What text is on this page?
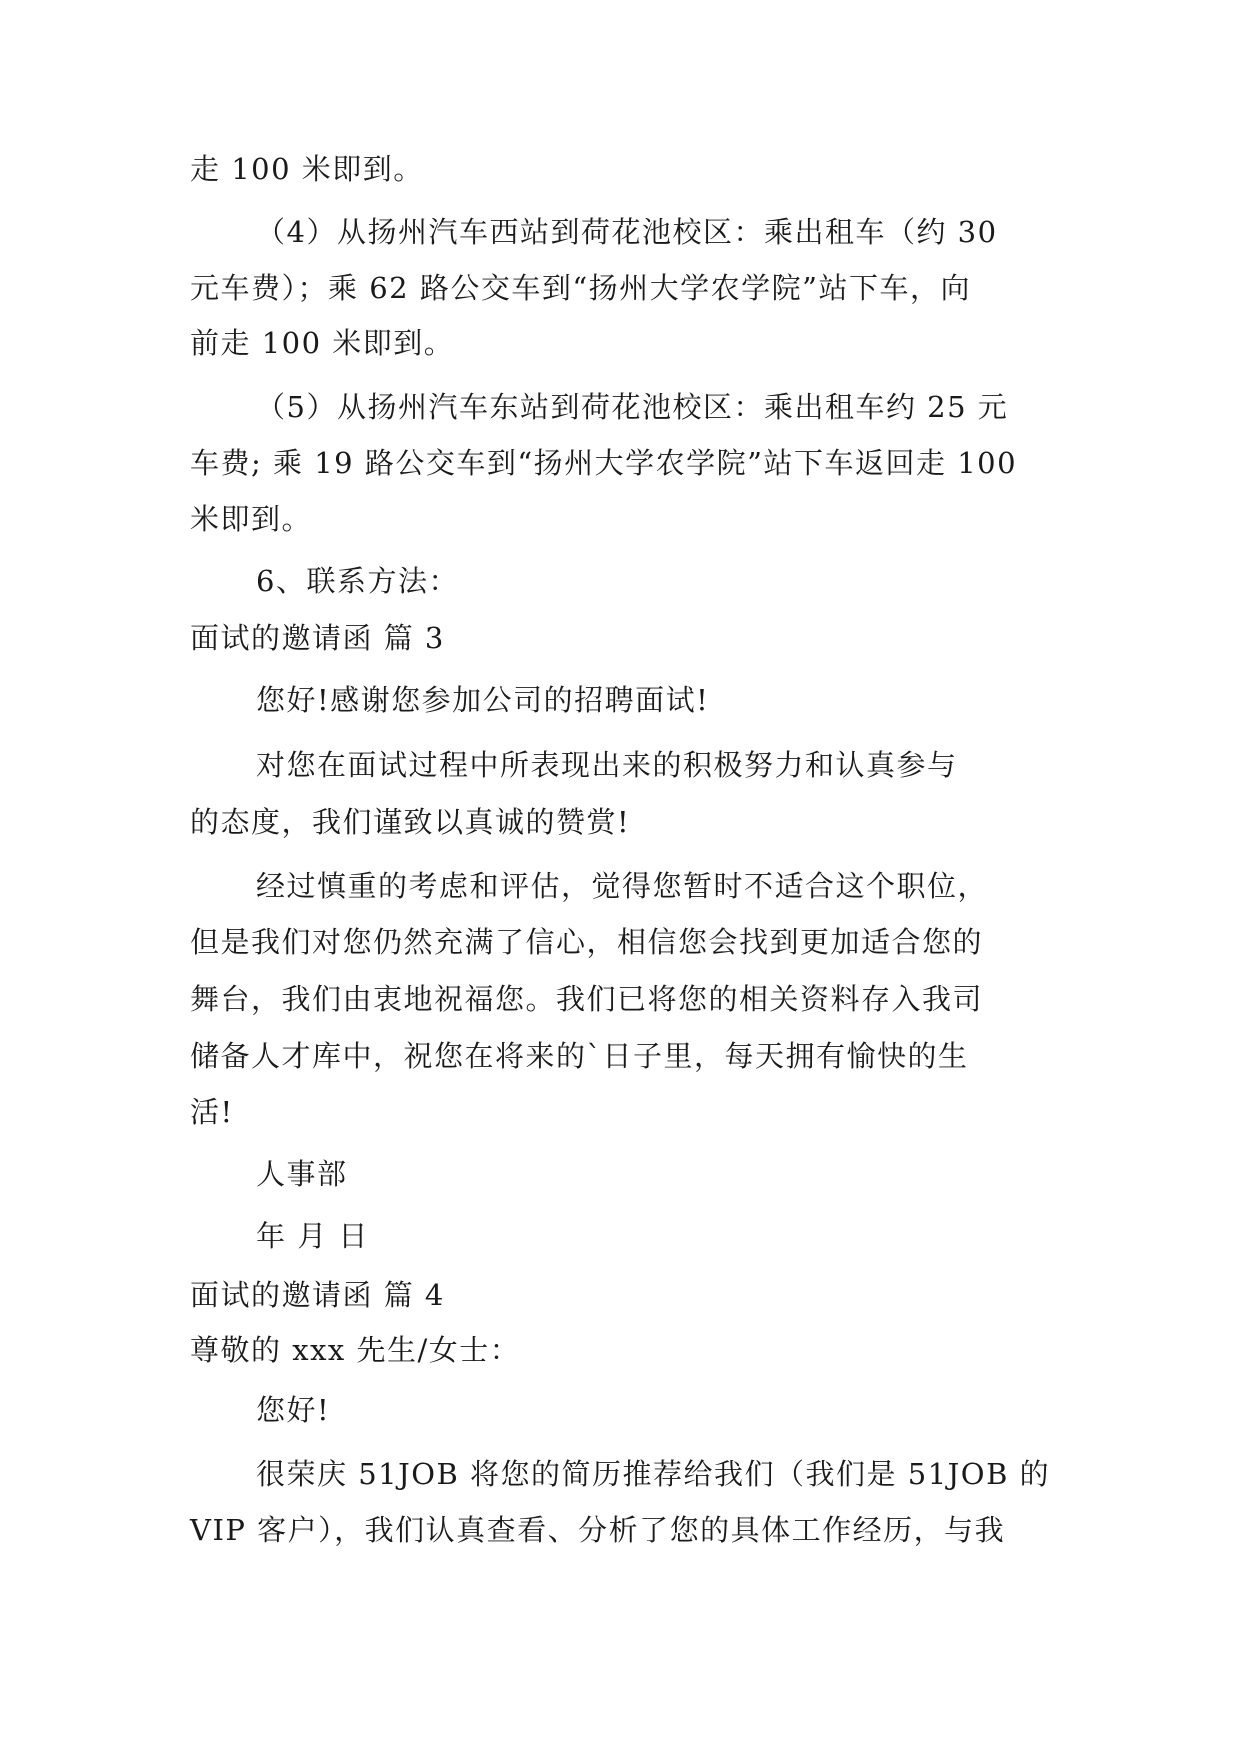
走 100 米即到。
（4）从扬州汽车西站到荷花池校区：乘出租车（约 30
元车费）；乘 62 路公交车到“扬州大学农学院”站下车，向
前走 100 米即到。
（5）从扬州汽车东站到荷花池校区：乘出租车约 25 元
车费; 乘 19 路公交车到“扬州大学农学院”站下车返回走 100
米即到。
6、联系方法：
面试的邀请函 篇 3
您好!感谢您参加公司的招聘面试!
对您在面试过程中所表现出来的积极努力和认真参与
的态度，我们谨致以真诚的赞赏!
经过慎重的考虑和评估，觉得您暂时不适合这个职位，
但是我们对您仍然充满了信心，相信您会找到更加适合您的
舞台，我们由衷地祝福您。我们已将您的相关资料存入我司
储备人才库中，祝您在将来的`日子里，每天拥有愉快的生
活!
人事部
年 月 日
面试的邀请函 篇 4
尊敬的 xxx 先生/女士：
您好!
很荣庆 51JOB 将您的简历推荐给我们（我们是 51JOB 的
VIP 客户），我们认真查看、分析了您的具体工作经历，与我
